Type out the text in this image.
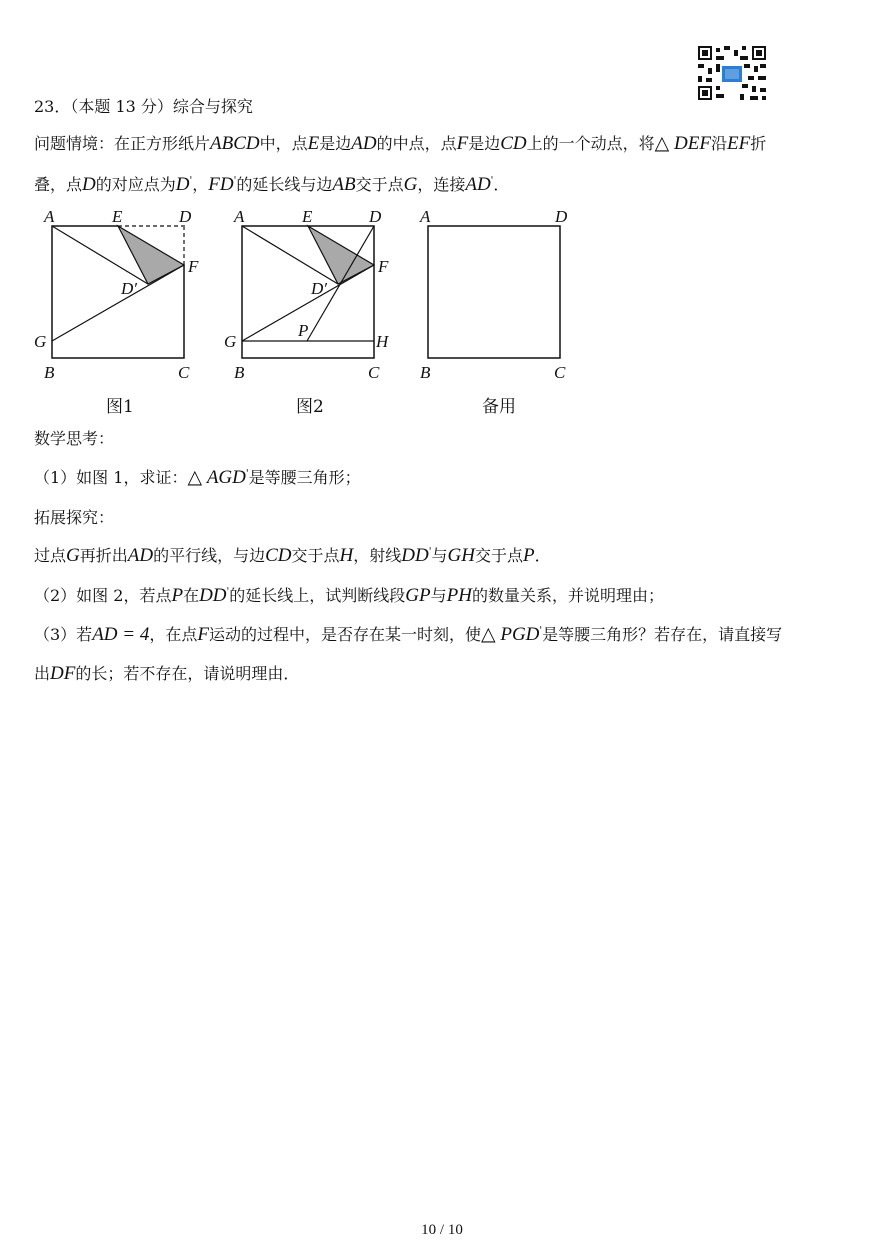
23．（本题 13 分）综合与探究
问题情境：在正方形纸片ABCD中，点E是边AD的中点，点F是边CD上的一个动点，将△ DEF沿EF折
叠，点D的对应点为D'，FD'的延长线与边AB交于点G，连接AD'．
A	E	D
F
D′
G
B	C
图1
A	E	D
F
D′
P
G	H
B	C
图2
A	D
B	C
备用
数学思考：
（1）如图 1，求证：△ AGD'是等腰三角形；
拓展探究：
过点G再折出AD的平行线，与边CD交于点H，射线DD'与GH交于点P．
（2）如图 2，若点P在DD'的延长线上，试判断线段GP与PH的数量关系，并说明理由；
（3）若AD = 4，在点F运动的过程中，是否存在某一时刻，使△ PGD'是等腰三角形？若存在，请直接写
出DF的长；若不存在，请说明理由．
10 / 10
